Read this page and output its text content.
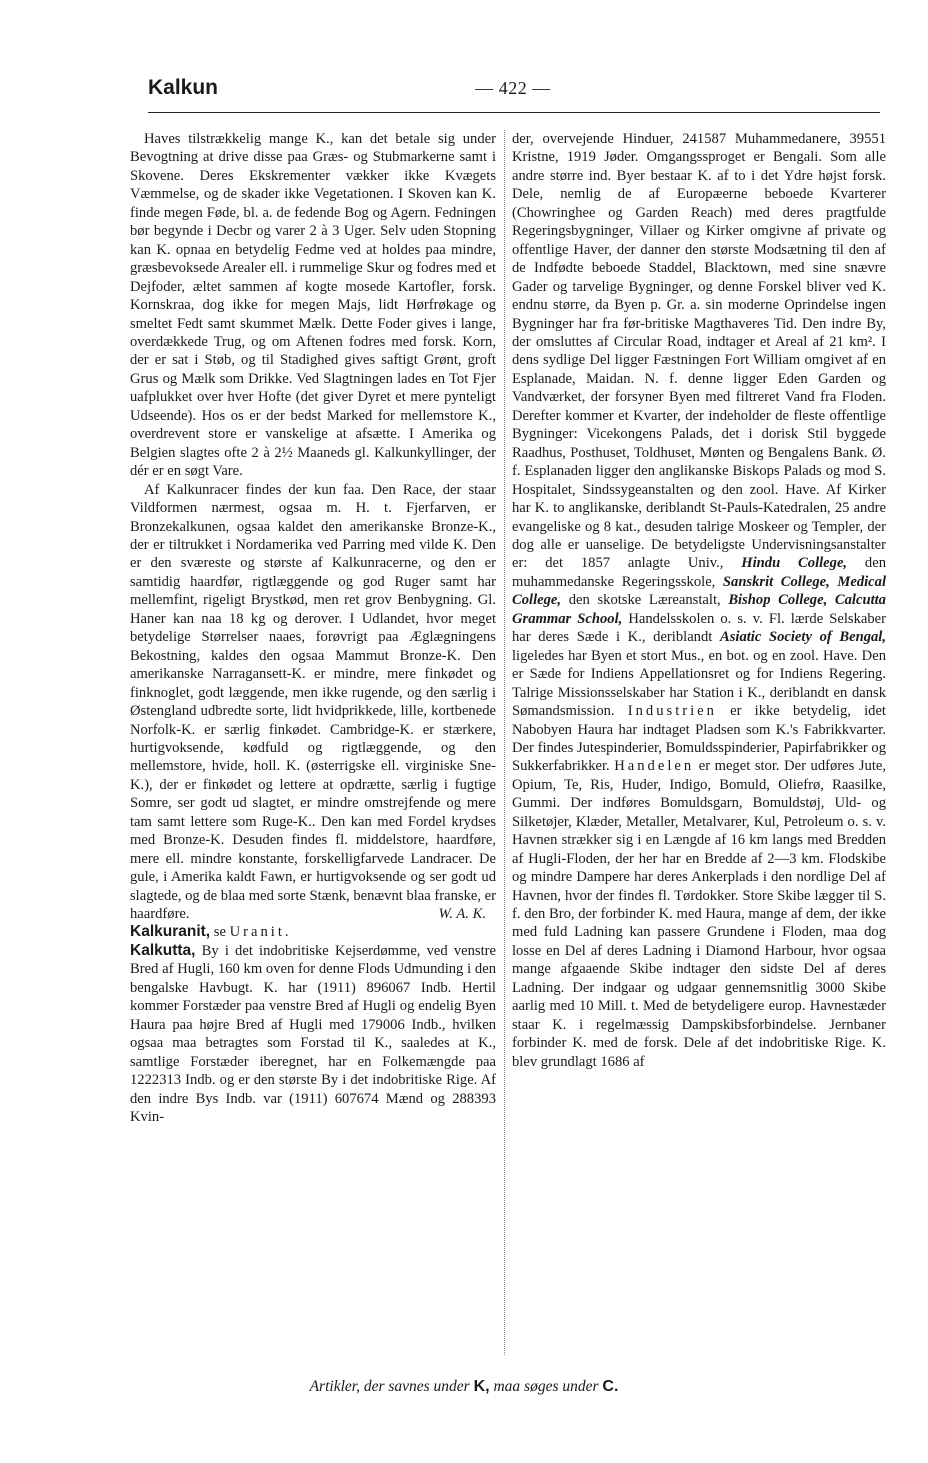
Kalkun	— 422 —

Haves tilstrækkelig mange K., kan det betale sig under Bevogtning at drive disse paa Græs- og Stubmarkerne samt i Skovene. Deres Ekskrementer vækker ikke Kvægets Væmmelse, og de skader ikke Vegetationen. I Skoven kan K. finde megen Føde, bl. a. de fedende Bog og Agern. Fedningen bør begynde i Decbr og varer 2 à 3 Uger. Selv uden Stopning kan K. opnaa en betydelig Fedme ved at holdes paa mindre, græsbevoksede Arealer ell. i rummelige Skur og fodres med et Dejfoder, æltet sammen af kogte mosede Kartofler, forsk. Kornskraa, dog ikke for megen Majs, lidt Hørfrøkage og smeltet Fedt samt skummet Mælk. Dette Foder gives i lange, overdækkede Trug, og om Aftenen fodres med forsk. Korn, der er sat i Støb, og til Stadighed gives saftigt Grønt, groft Grus og Mælk som Drikke. Ved Slagtningen lades en Tot Fjer uafplukket over hver Hofte (det giver Dyret et mere pynteligt Udseende). Hos os er der bedst Marked for mellemstore K., overdrevent store er vanskelige at afsætte. I Amerika og Belgien slagtes ofte 2 à 2½ Maaneds gl. Kalkunkyllinger, der dér er en søgt Vare.

Af Kalkunracer findes der kun faa. Den Race, der staar Vildformen nærmest, ogsaa m. H. t. Fjerfarven, er Bronzekalkunen, ogsaa kaldet den amerikanske Bronze-K., der er tiltrukket i Nordamerika ved Parring med vilde K. Den er den sværeste og største af Kalkunracerne, og den er samtidig haardfør, rigtlæggende og god Ruger samt har mellemfint, rigeligt Brystkød, men ret grov Benbygning. Gl. Haner kan naa 18 kg og derover. I Udlandet, hvor meget betydelige Størrelser naaes, forøvrigt paa Æglægningens Bekostning, kaldes den ogsaa Mammut Bronze-K. Den amerikanske Narragansett-K. er mindre, mere finkødet og finknoglet, godt læggende, men ikke rugende, og den særlig i Østengland udbredte sorte, lidt hvidprikkede, lille, kortbenede Norfolk-K. er særlig finkødet. Cambridge-K. er stærkere, hurtigvoksende, kødfuld og rigtlæggende, og den mellemstore, hvide, holl. K. (østerrigske ell. virginiske Sne-K.), der er finkødet og lettere at opdrætte, særlig i fugtige Somre, ser godt ud slagtet, er mindre omstrejfende og mere tam samt lettere som Ruge-K.. Den kan med Fordel krydses med Bronze-K. Desuden findes fl. middelstore, haardføre, mere ell. mindre konstante, forskelligfarvede Landracer. De gule, i Amerika kaldt Fawn, er hurtigvoksende og ser godt ud slagtede, og de blaa med sorte Stænk, benævnt blaa franske, er haardføre.	W. A. K.

Kalkuranit, se Uranit.

Kalkutta, By i det indobritiske Kejserdømme, ved venstre Bred af Hugli, 160 km oven for denne Flods Udmunding i den bengalske Havbugt. K. har (1911) 896067 Indb. Hertil kommer Forstæder paa venstre Bred af Hugli og endelig Byen Haura paa højre Bred af Hugli med 179006 Indb., hvilken ogsaa maa betragtes som Forstad til K., saaledes at K., samtlige Forstæder iberegnet, har en Folkemængde paa 1222313 Indb. og er den største By i det indobritiske Rige. Af den indre Bys Indb. var (1911) 607674 Mænd og 288393 Kvin-

der, overvejende Hinduer, 241587 Muhammedanere, 39551 Kristne, 1919 Jøder. Omgangssproget er Bengali. Som alle andre større ind. Byer bestaar K. af to i det Ydre højst forsk. Dele, nemlig de af Europæerne beboede Kvarterer (Chowringhee og Garden Reach) med deres pragtfulde Regeringsbygninger, Villaer og Kirker omgivne af private og offentlige Haver, der danner den største Modsætning til den af de Indfødte beboede Staddel, Blacktown, med sine snævre Gader og tarvelige Bygninger, og denne Forskel bliver ved K. endnu større, da Byen p. Gr. a. sin moderne Oprindelse ingen Bygninger har fra før-britiske Magthaveres Tid. Den indre By, der omsluttes af Circular Road, indtager et Areal af 21 km². I dens sydlige Del ligger Fæstningen Fort William omgivet af en Esplanade, Maidan. N. f. denne ligger Eden Garden og Vandværket, der forsyner Byen med filtreret Vand fra Floden. Derefter kommer et Kvarter, der indeholder de fleste offentlige Bygninger: Vicekongens Palads, det i dorisk Stil byggede Raadhus, Posthuset, Toldhuset, Mønten og Bengalens Bank. Ø. f. Esplanaden ligger den anglikanske Biskops Palads og mod S. Hospitalet, Sindssygeanstalten og den zool. Have. Af Kirker har K. to anglikanske, deriblandt St-Pauls-Katedralen, 25 andre evangeliske og 8 kat., desuden talrige Moskeer og Templer, der dog alle er uanselige. De betydeligste Undervisningsanstalter er: det 1857 anlagte Univ., Hindu College, den muhammedanske Regeringsskole, Sanskrit College, Medical College, den skotske Læreanstalt, Bishop College, Calcutta Grammar School, Handelsskolen o. s. v. Fl. lærde Selskaber har deres Sæde i K., deriblandt Asiatic Society of Bengal, ligeledes har Byen et stort Mus., en bot. og en zool. Have. Den er Sæde for Indiens Appellationsret og for Indiens Regering. Talrige Missionsselskaber har Station i K., deriblandt en dansk Sømandsmission. Industrien er ikke betydelig, idet Nabobyen Haura har indtaget Pladsen som K.'s Fabrikkvarter. Der findes Jutespinderier, Bomuldsspinderier, Papirfabrikker og Sukkerfabrikker. Handelen er meget stor. Der udføres Jute, Opium, Te, Ris, Huder, Indigo, Bomuld, Oliefrø, Raasilke, Gummi. Der indføres Bomuldsgarn, Bomuldstøj, Uld- og Silketøjer, Klæder, Metaller, Metalvarer, Kul, Petroleum o. s. v. Havnen strækker sig i en Længde af 16 km langs med Bredden af Hugli-Floden, der her har en Bredde af 2—3 km. Flodskibe og mindre Dampere har deres Ankerplads i den nordlige Del af Havnen, hvor der findes fl. Tørdokker. Store Skibe lægger til S. f. den Bro, der forbinder K. med Haura, mange af dem, der ikke med fuld Ladning kan passere Grundene i Floden, maa dog losse en Del af deres Ladning i Diamond Harbour, hvor ogsaa mange afgaaende Skibe indtager den sidste Del af deres Ladning. Der indgaar og udgaar gennemsnitlig 3000 Skibe aarlig med 10 Mill. t. Med de betydeligere europ. Havnestæder staar K. i regelmæssig Dampskibsforbindelse. Jernbaner forbinder K. med de forsk. Dele af det indobritiske Rige. K. blev grundlagt 1686 af

Artikler, der savnes under K, maa søges under C.
